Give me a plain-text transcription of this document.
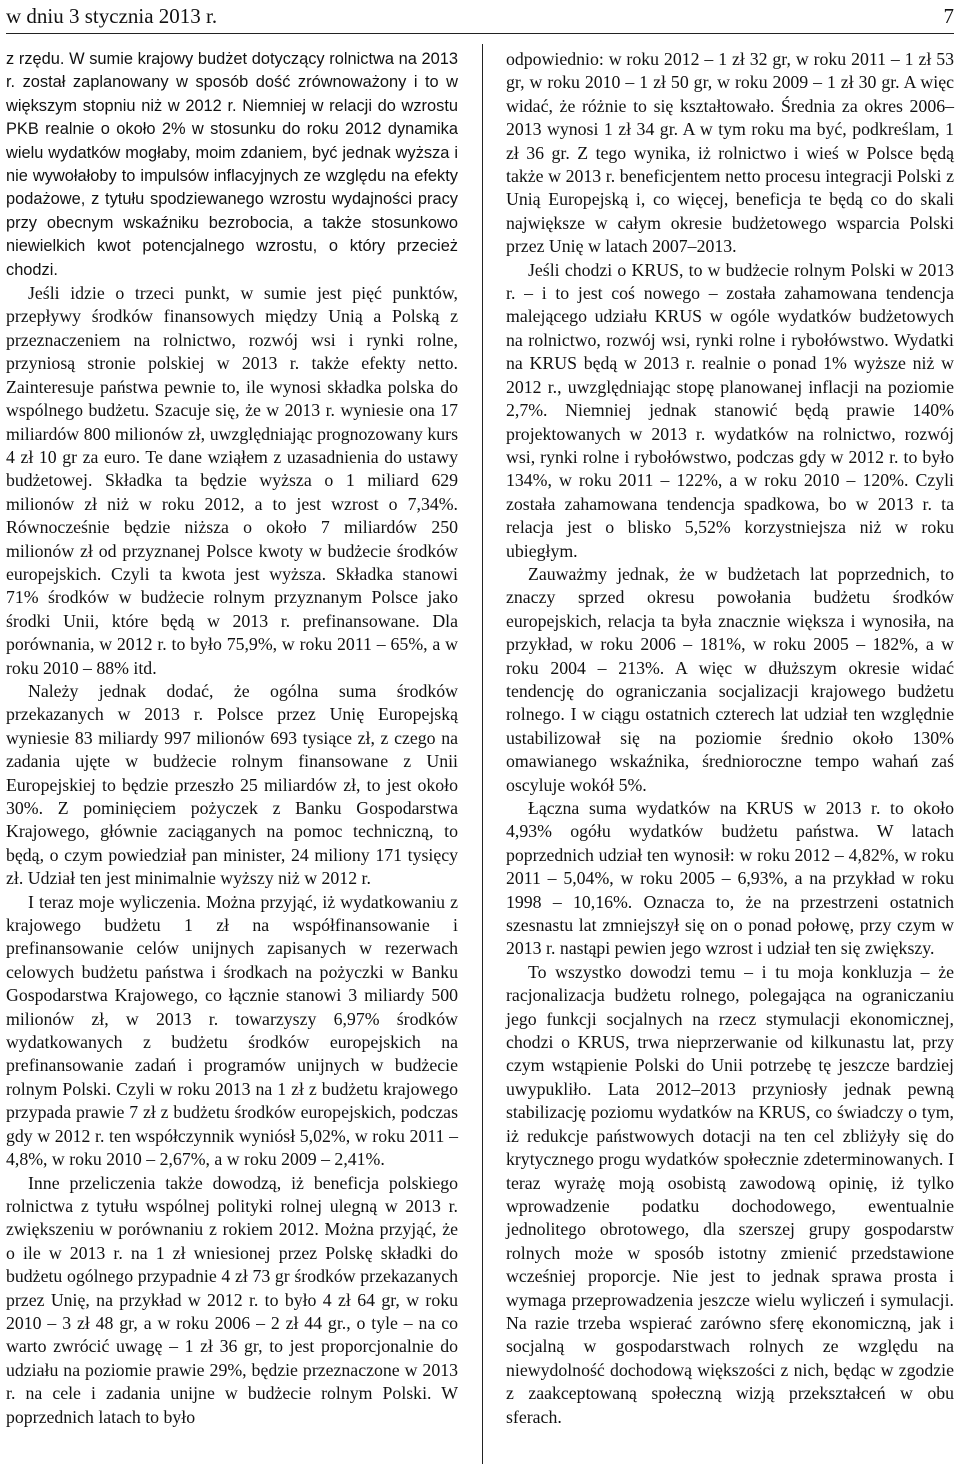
w dniu 3 stycznia 2013 r.	7

z rzędu. W sumie krajowy budżet dotyczący rolnictwa na 2013 r. został zaplanowany w sposób dość zrównoważony i to w większym stopniu niż w 2012 r. Niemniej w relacji do wzrostu PKB realnie o około 2% w stosunku do roku 2012 dynamika wielu wydatków mogłaby, moim zdaniem, być jednak wyższa i nie wywołałoby to impulsów inflacyjnych ze względu na efekty podażowe, z tytułu spodziewanego wzrostu wydajności pracy przy obecnym wskaźniku bezrobocia, a także stosunkowo niewielkich kwot potencjalnego wzrostu, o który przecież chodzi.

Jeśli idzie o trzeci punkt, w sumie jest pięć punktów, przepływy środków finansowych między Unią a Polską z przeznaczeniem na rolnictwo, rozwój wsi i rynki rolne, przyniosą stronie polskiej w 2013 r. także efekty netto. Zainteresuje państwa pewnie to, ile wynosi składka polska do wspólnego budżetu. Szacuje się, że w 2013 r. wyniesie ona 17 miliardów 800 milionów zł, uwzględniając prognozowany kurs 4 zł 10 gr za euro. Te dane wziąłem z uzasadnienia do ustawy budżetowej. Składka ta będzie wyższa o 1 miliard 629 milionów zł niż w roku 2012, a to jest wzrost o 7,34%. Równocześnie będzie niższa o około 7 miliardów 250 milionów zł od przyznanej Polsce kwoty w budżecie środków europejskich. Czyli ta kwota jest wyższa. Składka stanowi 71% środków w budżecie rolnym przyznanym Polsce jako środki Unii, które będą w 2013 r. prefinansowane. Dla porównania, w 2012 r. to było 75,9%, w roku 2011 – 65%, a w roku 2010 – 88% itd.

Należy jednak dodać, że ogólna suma środków przekazanych w 2013 r. Polsce przez Unię Europejską wyniesie 83 miliardy 997 milionów 693 tysiące zł, z czego na zadania ujęte w budżecie rolnym finansowane z Unii Europejskiej to będzie przeszło 25 miliardów zł, to jest około 30%. Z pominięciem pożyczek z Banku Gospodarstwa Krajowego, głównie zaciąganych na pomoc techniczną, to będą, o czym powiedział pan minister, 24 miliony 171 tysięcy zł. Udział ten jest minimalnie wyższy niż w 2012 r.

I teraz moje wyliczenia. Można przyjąć, iż wydatkowaniu z krajowego budżetu 1 zł na współfinansowanie i prefinansowanie celów unijnych zapisanych w rezerwach celowych budżetu państwa i środkach na pożyczki w Banku Gospodarstwa Krajowego, co łącznie stanowi 3 miliardy 500 milionów zł, w 2013 r. towarzyszy 6,97% środków wydatkowanych z budżetu środków europejskich na prefinansowanie zadań i programów unijnych w budżecie rolnym Polski. Czyli w roku 2013 na 1 zł z budżetu krajowego przypada prawie 7 zł z budżetu środków europejskich, podczas gdy w 2012 r. ten współczynnik wyniósł 5,02%, w roku 2011 – 4,8%, w roku 2010 – 2,67%, a w roku 2009 – 2,41%.

Inne przeliczenia także dowodzą, iż beneficja polskiego rolnictwa z tytułu wspólnej polityki rolnej ulegną w 2013 r. zwiększeniu w porównaniu z rokiem 2012. Można przyjąć, że o ile w 2013 r. na 1 zł wniesionej przez Polskę składki do budżetu ogólnego przypadnie 4 zł 73 gr środków przekazanych przez Unię, na przykład w 2012 r. to było 4 zł 64 gr, w roku 2010 – 3 zł 48 gr, a w roku 2006 – 2 zł 44 gr., o tyle – na co warto zwrócić uwagę – 1 zł 36 gr, to jest proporcjonalnie do udziału na poziomie prawie 29%, będzie przeznaczone w 2013 r. na cele i zadania unijne w budżecie rolnym Polski. W poprzednich latach to było

odpowiednio: w roku 2012 – 1 zł 32 gr, w roku 2011 – 1 zł 53 gr, w roku 2010 – 1 zł 50 gr, w roku 2009 – 1 zł 30 gr. A więc widać, że różnie to się kształtowało. Średnia za okres 2006–2013 wynosi 1 zł 34 gr. A w tym roku ma być, podkreślam, 1 zł 36 gr. Z tego wynika, iż rolnictwo i wieś w Polsce będą także w 2013 r. beneficjentem netto procesu integracji Polski z Unią Europejską i, co więcej, beneficja te będą co do skali największe w całym okresie budżetowego wsparcia Polski przez Unię w latach 2007–2013.

Jeśli chodzi o KRUS, to w budżecie rolnym Polski w 2013 r. – i to jest coś nowego – została zahamowana tendencja malejącego udziału KRUS w ogóle wydatków budżetowych na rolnictwo, rozwój wsi, rynki rolne i rybołówstwo. Wydatki na KRUS będą w 2013 r. realnie o ponad 1% wyższe niż w 2012 r., uwzględniając stopę planowanej inflacji na poziomie 2,7%. Niemniej jednak stanowić będą prawie 140% projektowanych w 2013 r. wydatków na rolnictwo, rozwój wsi, rynki rolne i rybołówstwo, podczas gdy w 2012 r. to było 134%, w roku 2011 – 122%, a w roku 2010 – 120%. Czyli została zahamowana tendencja spadkowa, bo w 2013 r. ta relacja jest o blisko 5,52% korzystniejsza niż w roku ubiegłym.

Zauważmy jednak, że w budżetach lat poprzednich, to znaczy sprzed okresu powołania budżetu środków europejskich, relacja ta była znacznie większa i wynosiła, na przykład, w roku 2006 – 181%, w roku 2005 – 182%, a w roku 2004 – 213%. A więc w dłuższym okresie widać tendencję do ograniczania socjalizacji krajowego budżetu rolnego. I w ciągu ostatnich czterech lat udział ten względnie ustabilizował się na poziomie średnio około 130% omawianego wskaźnika, średnioroczne tempo wahań zaś oscyluje wokół 5%.

Łączna suma wydatków na KRUS w 2013 r. to około 4,93% ogółu wydatków budżetu państwa. W latach poprzednich udział ten wynosił: w roku 2012 – 4,82%, w roku 2011 – 5,04%, w roku 2005 – 6,93%, a na przykład w roku 1998 – 10,16%. Oznacza to, że na przestrzeni ostatnich szesnastu lat zmniejszył się on o ponad połowę, przy czym w 2013 r. nastąpi pewien jego wzrost i udział ten się zwiększy.

To wszystko dowodzi temu – i tu moja konkluzja – że racjonalizacja budżetu rolnego, polegająca na ograniczaniu jego funkcji socjalnych na rzecz stymulacji ekonomicznej, chodzi o KRUS, trwa nieprzerwanie od kilkunastu lat, przy czym wstąpienie Polski do Unii potrzebę tę jeszcze bardziej uwypukliło. Lata 2012–2013 przyniosły jednak pewną stabilizację poziomu wydatków na KRUS, co świadczy o tym, iż redukcje państwowych dotacji na ten cel zbliżyły się do krytycznego progu wydatków społecznie zdeterminowanych. I teraz wyrażę moją osobistą zawodową opinię, iż tylko wprowadzenie podatku dochodowego, ewentualnie jednolitego obrotowego, dla szerszej grupy gospodarstw rolnych może w sposób istotny zmienić przedstawione wcześniej proporcje. Nie jest to jednak sprawa prosta i wymaga przeprowadzenia jeszcze wielu wyliczeń i symulacji. Na razie trzeba wspierać zarówno sferę ekonomiczną, jak i socjalną w gospodarstwach rolnych ze względu na niewydolność dochodową większości z nich, będąc w zgodzie z zaakceptowaną społeczną wizją przekształceń w obu sferach.
